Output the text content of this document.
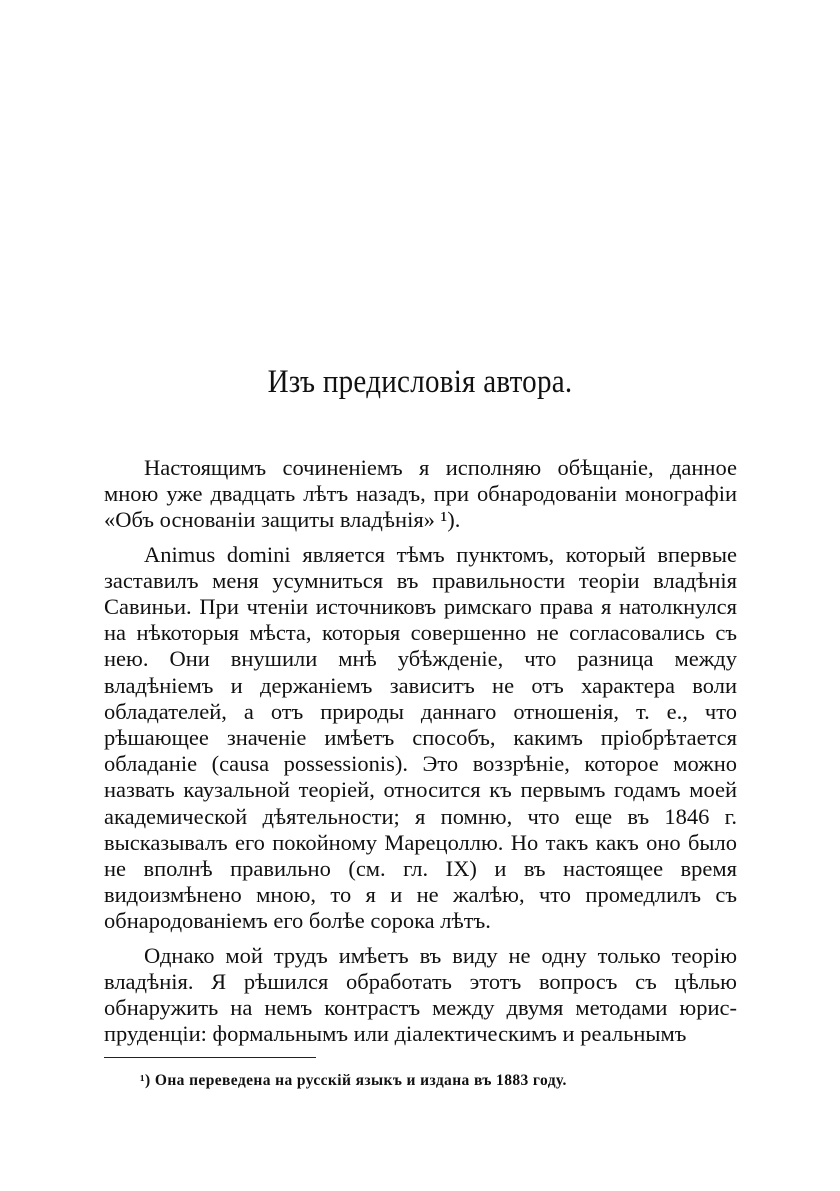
Изъ предисловія автора.

Настоящимъ сочиненіемъ я исполняю обѣщаніе, данное мною уже двадцать лѣтъ назадъ, при обнародованіи монографіи «Объ основаніи защиты владѣнія» ¹).

Animus domini является тѣмъ пунктомъ, который впервые заставилъ меня усумниться въ правильности теоріи владѣнія Савиньи. При чтеніи источниковъ римскаго права я натолкнулся на нѣкоторыя мѣста, которыя совершенно не согласовались съ нею. Они внушили мнѣ убѣжденіе, что разница между владѣніемъ и держаніемъ зависитъ не отъ характера воли обладателей, а отъ природы даннаго отношенія, т. е., что рѣшающее значеніе имѣетъ способъ, какимъ пріобрѣтается обладаніе (causa possessionis). Это воззрѣніе, которое можно назвать каузальной теоріей, относится къ первымъ годамъ моей академической дѣятельности; я помню, что еще въ 1846 г. высказывалъ его покойному Марецоллю. Но такъ какъ оно было не вполнѣ правильно (см. гл. IX) и въ настоящее время видоизмѣнено мною, то я и не жалѣю, что промедлилъ съ обнародованіемъ его болѣе сорока лѣтъ.

Однако мой трудъ имѣетъ въ виду не одну только теорію владѣнія. Я рѣшился обработать этотъ вопросъ съ цѣлью обнаружить на немъ контрастъ между двумя методами юриспруденціи: формальнымъ или діалектическимъ и реальнымъ

¹) Она переведена на русскій языкъ и издана въ 1883 году.
